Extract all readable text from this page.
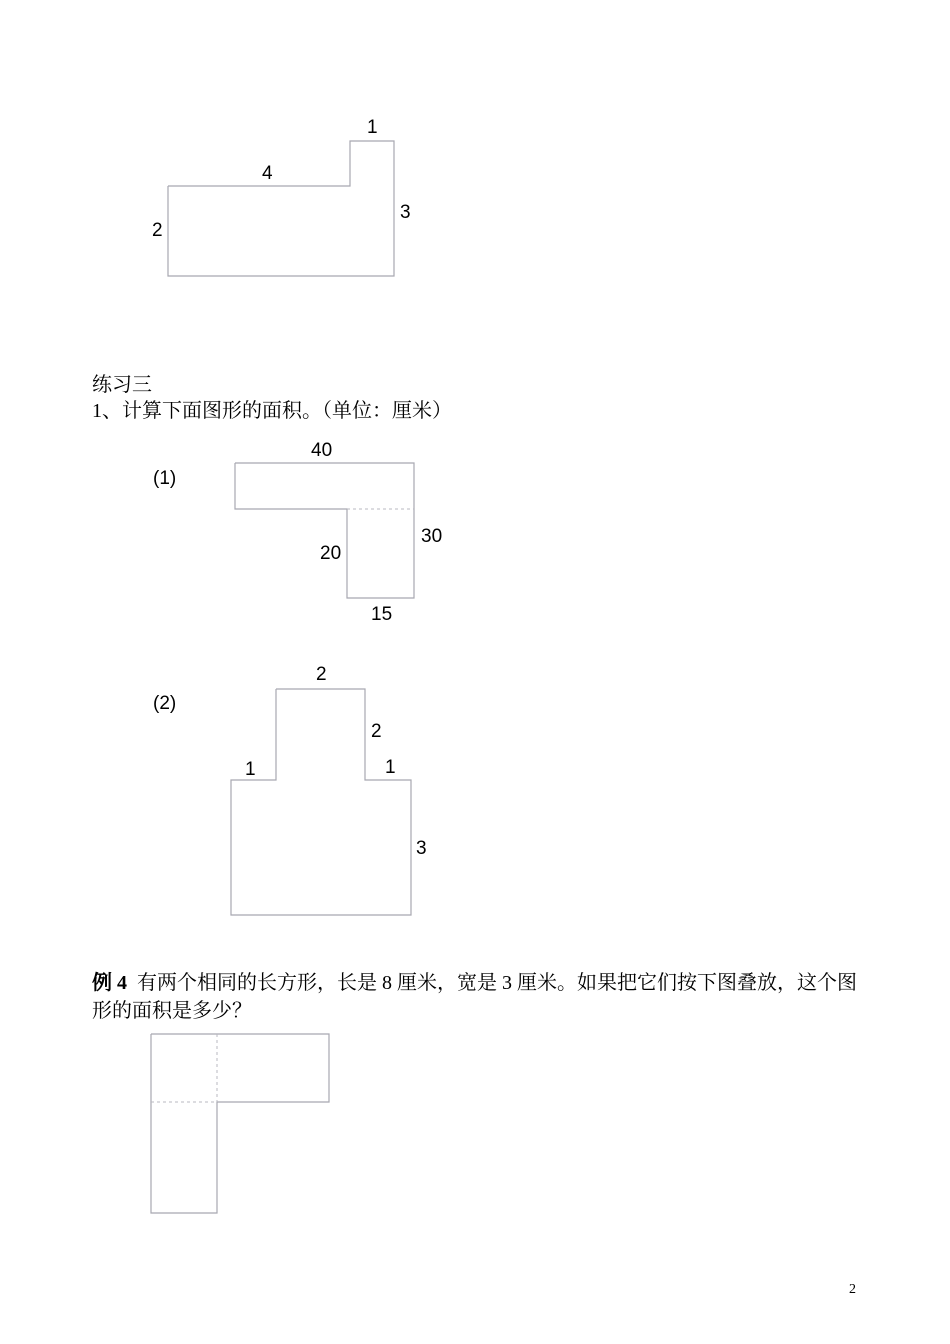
1
4
2
3
40
30
20
15
2
2
1	1
3
(1)
(2)
练习三
1、计算下面图形的面积。（单位：厘米）
例 4 有两个相同的长方形，长是 8 厘米，宽是 3 厘米。如果把它们按下图叠放，这个图形的面积是多少？
2
